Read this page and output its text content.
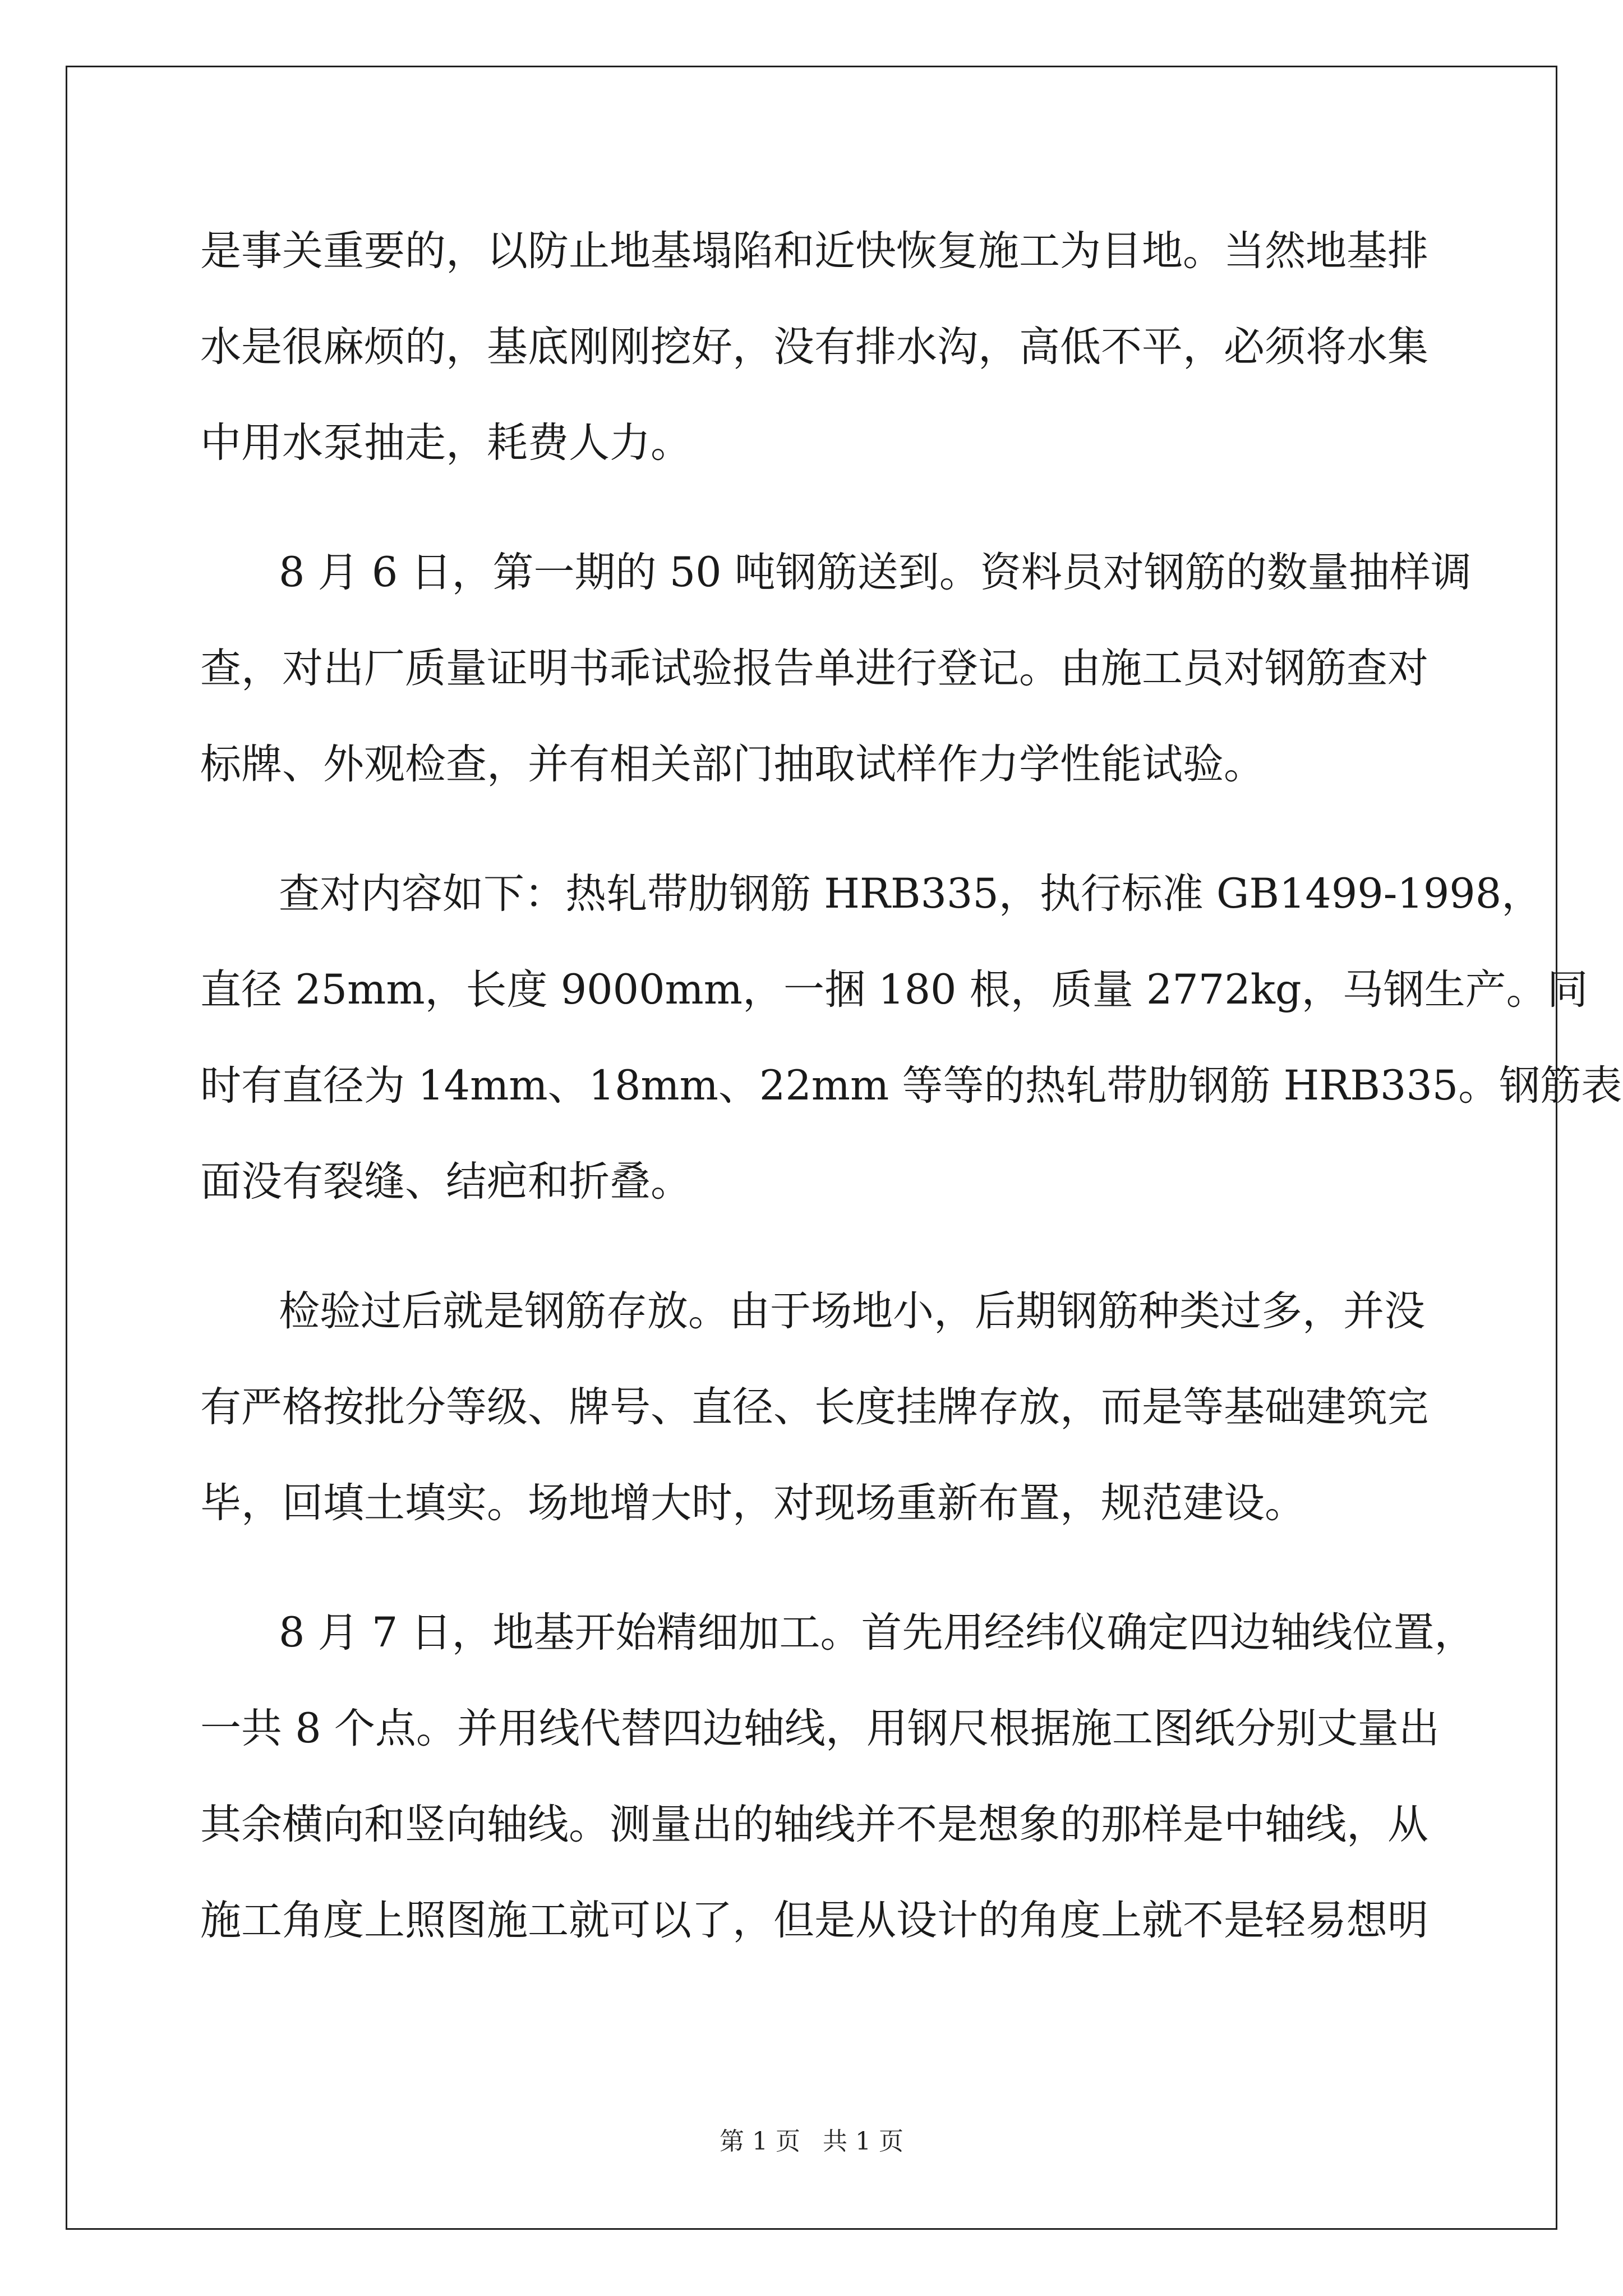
是事关重要的，以防止地基塌陷和近快恢复施工为目地。当然地基排
水是很麻烦的，基底刚刚挖好，没有排水沟，高低不平，必须将水集
中用水泵抽走，耗费人力。
8 月 6 日，第一期的 50 吨钢筋送到。资料员对钢筋的数量抽样调
查，对出厂质量证明书乖试验报告单进行登记。由施工员对钢筋查对
标牌、外观检查，并有相关部门抽取试样作力学性能试验。
查对内容如下：热轧带肋钢筋 HRB335，执行标准 GB1499-1998，
直径 25mm，长度 9000mm，一捆 180 根，质量 2772kg，马钢生产。同
时有直径为 14mm、18mm、22mm 等等的热轧带肋钢筋 HRB335。钢筋表
面没有裂缝、结疤和折叠。
检验过后就是钢筋存放。由于场地小，后期钢筋种类过多，并没
有严格按批分等级、牌号、直径、长度挂牌存放，而是等基础建筑完
毕，回填土填实。场地增大时，对现场重新布置，规范建设。
8 月 7 日，地基开始精细加工。首先用经纬仪确定四边轴线位置，
一共 8 个点。并用线代替四边轴线，用钢尺根据施工图纸分别丈量出
其余横向和竖向轴线。测量出的轴线并不是想象的那样是中轴线，从
施工角度上照图施工就可以了，但是从设计的角度上就不是轻易想明
第 1 页 共 1 页
